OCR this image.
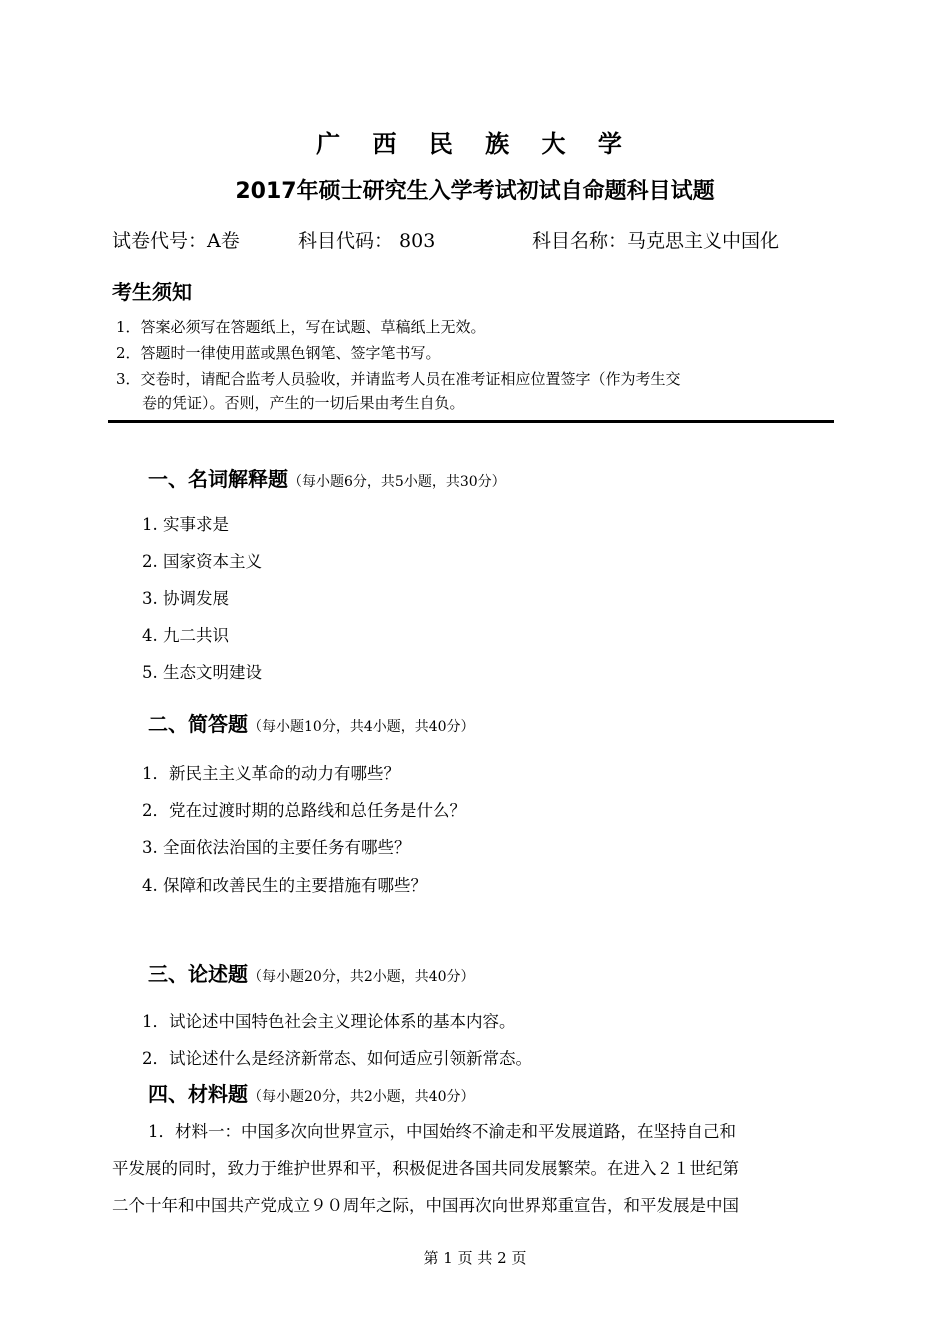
广 西 民 族 大 学
2017年硕士研究生入学考试初试自命题科目试题
试卷代号：A卷	科目代码： 803	科目名称：马克思主义中国化
考生须知
1．答案必须写在答题纸上，写在试题、草稿纸上无效。
2．答题时一律使用蓝或黑色钢笔、签字笔书写。
3．交卷时，请配合监考人员验收，并请监考人员在准考证相应位置签字（作为考生交
卷的凭证）。否则，产生的一切后果由考生自负。
一、名词解释题（每小题6分，共5小题，共30分）
1. 实事求是
2. 国家资本主义
3. 协调发展
4. 九二共识
5. 生态文明建设
二、简答题（每小题10分，共4小题，共40分）
1．新民主主义革命的动力有哪些？
2．党在过渡时期的总路线和总任务是什么？
3. 全面依法治国的主要任务有哪些？
4. 保障和改善民生的主要措施有哪些？
三、论述题（每小题20分，共2小题，共40分）
1．试论述中国特色社会主义理论体系的基本内容。
2．试论述什么是经济新常态、如何适应引领新常态。
四、材料题（每小题20分，共2小题，共40分）
1．材料一：中国多次向世界宣示，中国始终不渝走和平发展道路，在坚持自己和
平发展的同时，致力于维护世界和平，积极促进各国共同发展繁荣。在进入２１世纪第
二个十年和中国共产党成立９０周年之际，中国再次向世界郑重宣告，和平发展是中国
第 1 页 共 2 页
